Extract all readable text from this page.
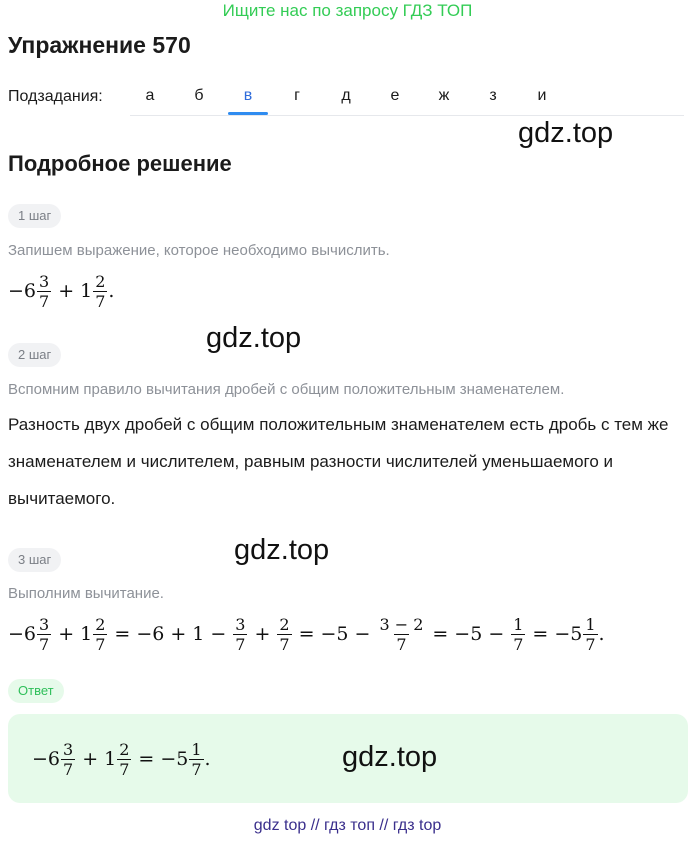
Ищите нас по запросу ГДЗ ТОП
Упражнение 570
Подзадания:	а	б	в	г	д	е	ж	з	и
gdz.top
Подробное решение
1 шаг
Запишем выражение, которое необходимо вычислить.
$-6 \frac{3}{7} + 1 \frac{2}{7}$ .
gdz.top
2 шаг
Вспомним правило вычитания дробей с общим положительным знаменателем.
Разность двух дробей с общим положительным знаменателем есть дробь с тем же знаменателем и числителем, равным разности числителей уменьшаемого и вычитаемого.
gdz.top
3 шаг
Выполним вычитание.
$-6 \frac{3}{7} + 1 \frac{2}{7} = -6 + 1 - \frac{3}{7} + \frac{2}{7} = -5 - \frac{3 - 2}{7} = -5 - \frac{1}{7} = -5 \frac{1}{7}$ .
Ответ
$-6 \frac{3}{7} + 1 \frac{2}{7} = -5 \frac{1}{7}$ .	gdz.top
gdz top // гдз топ // гдз top
